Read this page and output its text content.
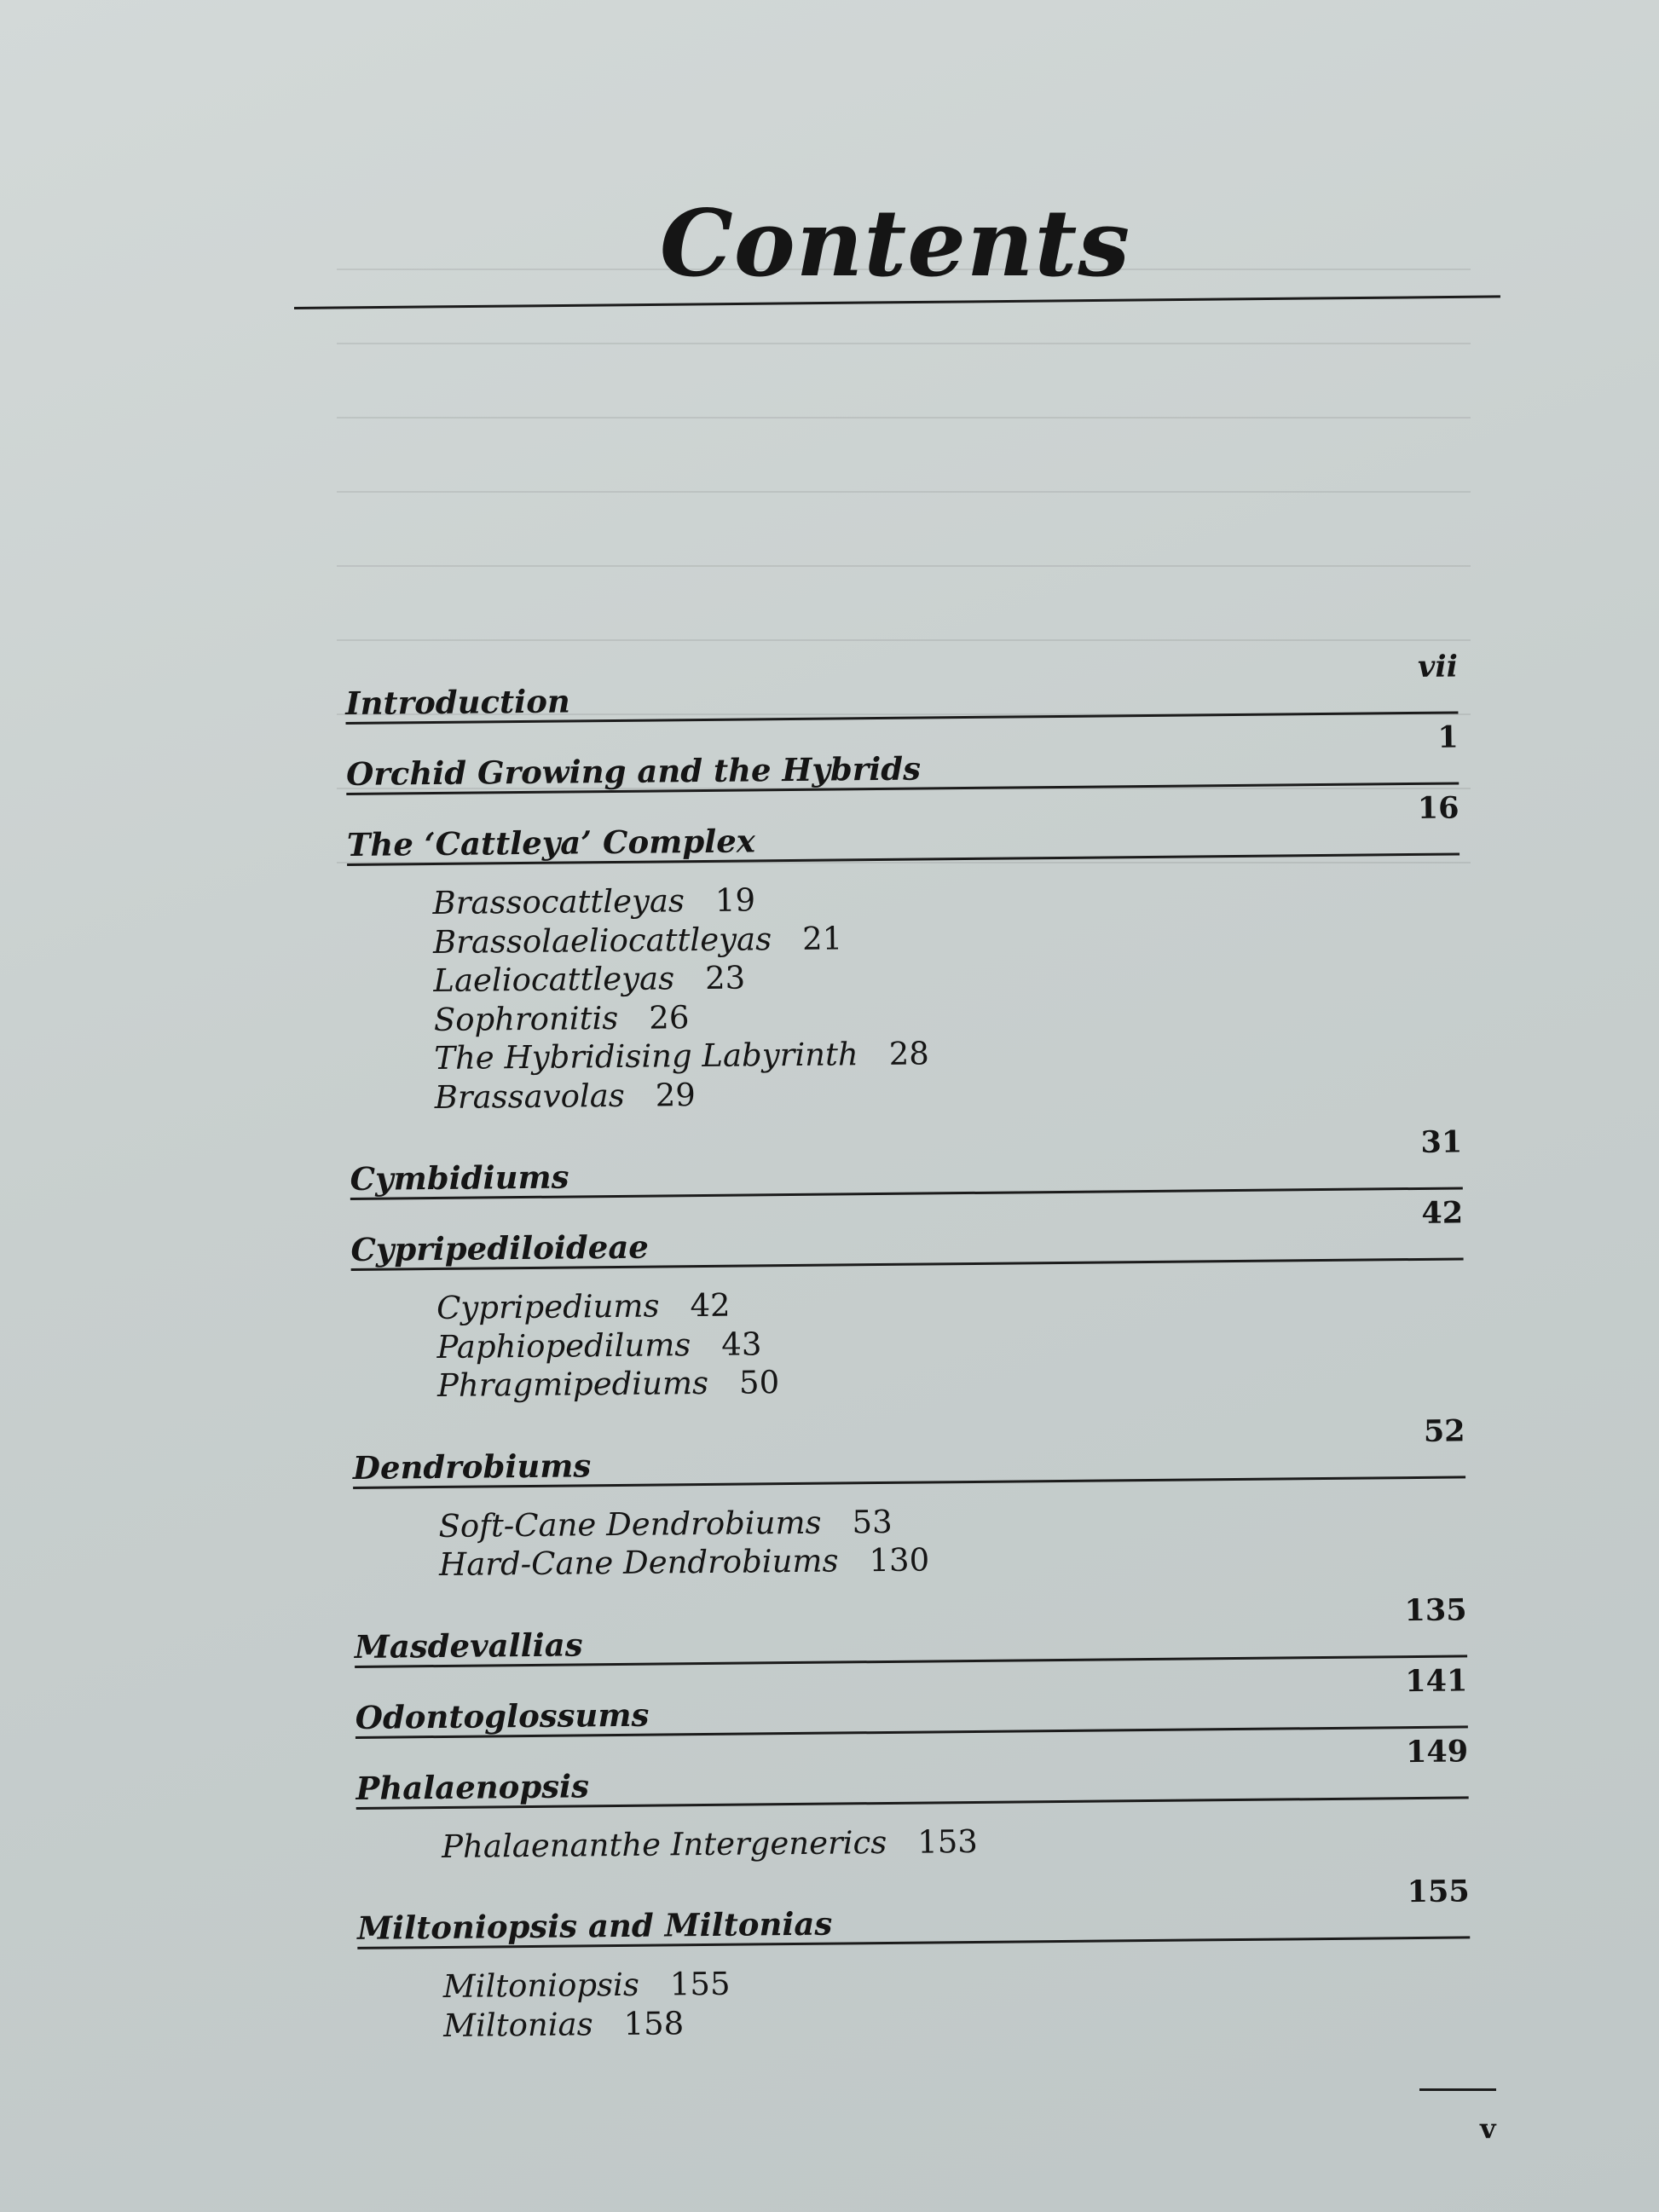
Contents
Introduction
vii
Orchid Growing and the Hybrids
1
The ‘Cattleya’ Complex
16
Brassocattleyas 19
Brassolaeliocattleyas 21
Laeliocattleyas 23
Sophronitis 26
The Hybridising Labyrinth 28
Brassavolas 29
Cymbidiums
31
Cypripediloideae
42
Cypripediums 42
Paphiopedilums 43
Phragmipediums 50
Dendrobiums
52
Soft-Cane Dendrobiums 53
Hard-Cane Dendrobiums 130
Masdevallias
135
Odontoglossums
141
Phalaenopsis
149
Phalaenanthe Intergenerics 153
Miltoniopsis and Miltonias
155
Miltoniopsis 155
Miltonias 158
v
